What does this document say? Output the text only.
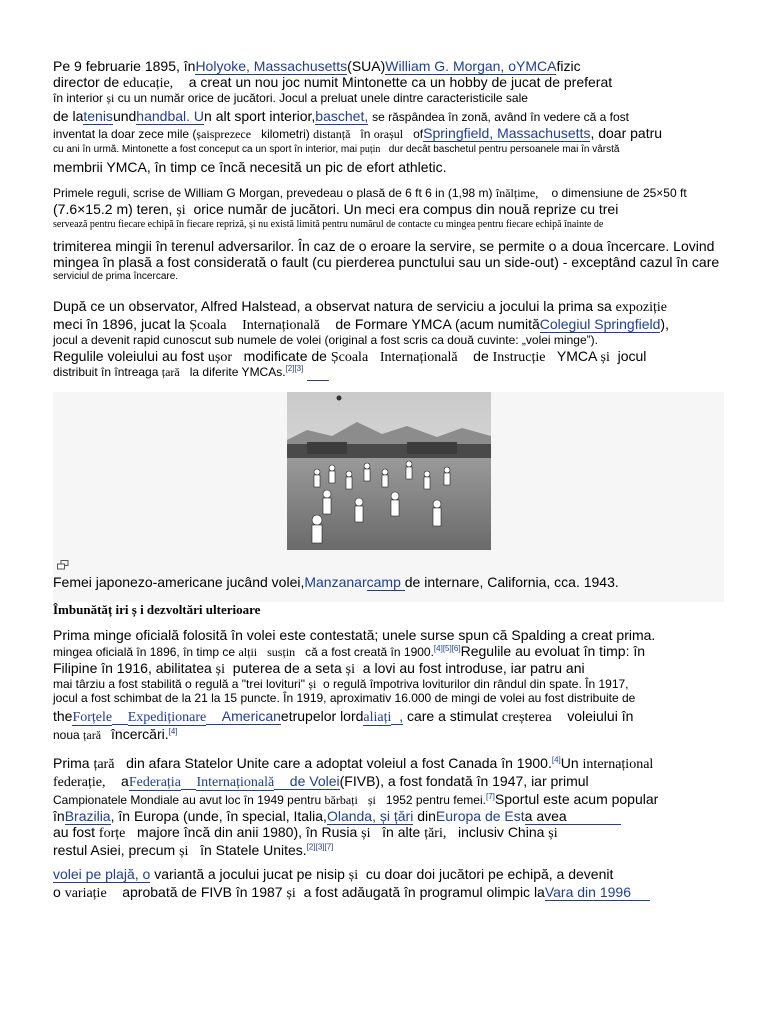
Pe 9 februarie 1895, înHolyoke, Massachusetts(SUA)William G. Morgan, oYMCAfizic
director de educație, a creat un nou joc numit Mintonette ca un hobby de jucat de preferat
în interior și cu un număr orice de jucători. Jocul a preluat unele dintre caracteristicile sale
de latenisundhandbal. Un alt sport interior,baschet, se răspândea în zonă, având în vedere că a fost
inventat la doar zece mile (șaisprezece kilometri) distanță în orașul ofSpringfield, Massachusetts, doar patru
cu ani în urmă. Mintonette a fost conceput ca un sport în interior, mai puțin dur decât baschetul pentru persoanele mai în vârstă
membrii YMCA, în timp ce încă necesită un pic de efort athletic.
Primele reguli, scrise de William G Morgan, prevedeau o plasă de 6 ft 6 in (1,98 m) înălțime, o dimensiune de 25×50 ft
(7.6×15.2 m) teren, și orice număr de jucători. Un meci era compus din nouă reprize cu trei
servează pentru fiecare echipă în fiecare repriză, și nu există limită pentru numărul de contacte cu mingea pentru fiecare echipă înainte de
trimiterea mingii în terenul adversarilor. În caz de o eroare la servire, se permite o a doua încercare. Lovind
mingea în plasă a fost considerată o fault (cu pierderea punctului sau un side-out) - exceptând cazul în care
serviciul de prima încercare.
După ce un observator, Alfred Halstead, a observat natura de serviciu a jocului la prima sa expoziție
meci în 1896, jucat la Școala Internațională de Formare YMCA (acum numităColegiul Springfield),
jocul a devenit rapid cunoscut sub numele de volei (original a fost scris ca două cuvinte: „volei minge”).
Regulile voleiului au fost ușor modificate de Școala Internațională de Instrucție YMCA și jocul
distribuit în întreaga țară la diferite YMCAs.[2][3]
Femei japonezo-americane jucând volei,Manzanarcamp de internare, California, cca. 1943.
Îmbunătăț iri ș i dezvoltări ulterioare
Prima minge oficială folosită în volei este contestată; unele surse spun că Spalding a creat prima.
mingea oficială în 1896, în timp ce alții susțin că a fost creată în 1900.[4][5][6]Regulile au evoluat în timp: în
Filipine în 1916, abilitatea și puterea de a seta și a lovi au fost introduse, iar patru ani
mai târziu a fost stabilită o regulă a "trei lovituri" și o regulă împotriva loviturilor din rândul din spate. În 1917,
jocul a fost schimbat de la 21 la 15 puncte. În 1919, aproximativ 16.000 de mingi de volei au fost distribuite de
theForțele Expediționare Americanetrupelor lordaliați , care a stimulat creșterea voleiului în
noua țară încercări.[4]
Prima țară din afara Statelor Unite care a adoptat voleiul a fost Canada în 1900.[4]Un internațional
federație, aFederația Internațională de Volei(FIVB), a fost fondată în 1947, iar primul
Campionatele Mondiale au avut loc în 1949 pentru bărbați și 1952 pentru femei.[7]Sportul este acum popular
înBrazilia, în Europa (unde, în special, Italia,Olanda, și țări dinEuropa de Esta avea
au fost forțe majore încă din anii 1980), în Rusia și în alte țări, inclusiv China și
restul Asiei, precum și în Statele Unites.[2][3][7]
volei pe plajă, o variantă a jocului jucat pe nisip și cu doar doi jucători pe echipă, a devenit
o variație aprobată de FIVB în 1987 și a fost adăugată în programul olimpic laVara din 1996
